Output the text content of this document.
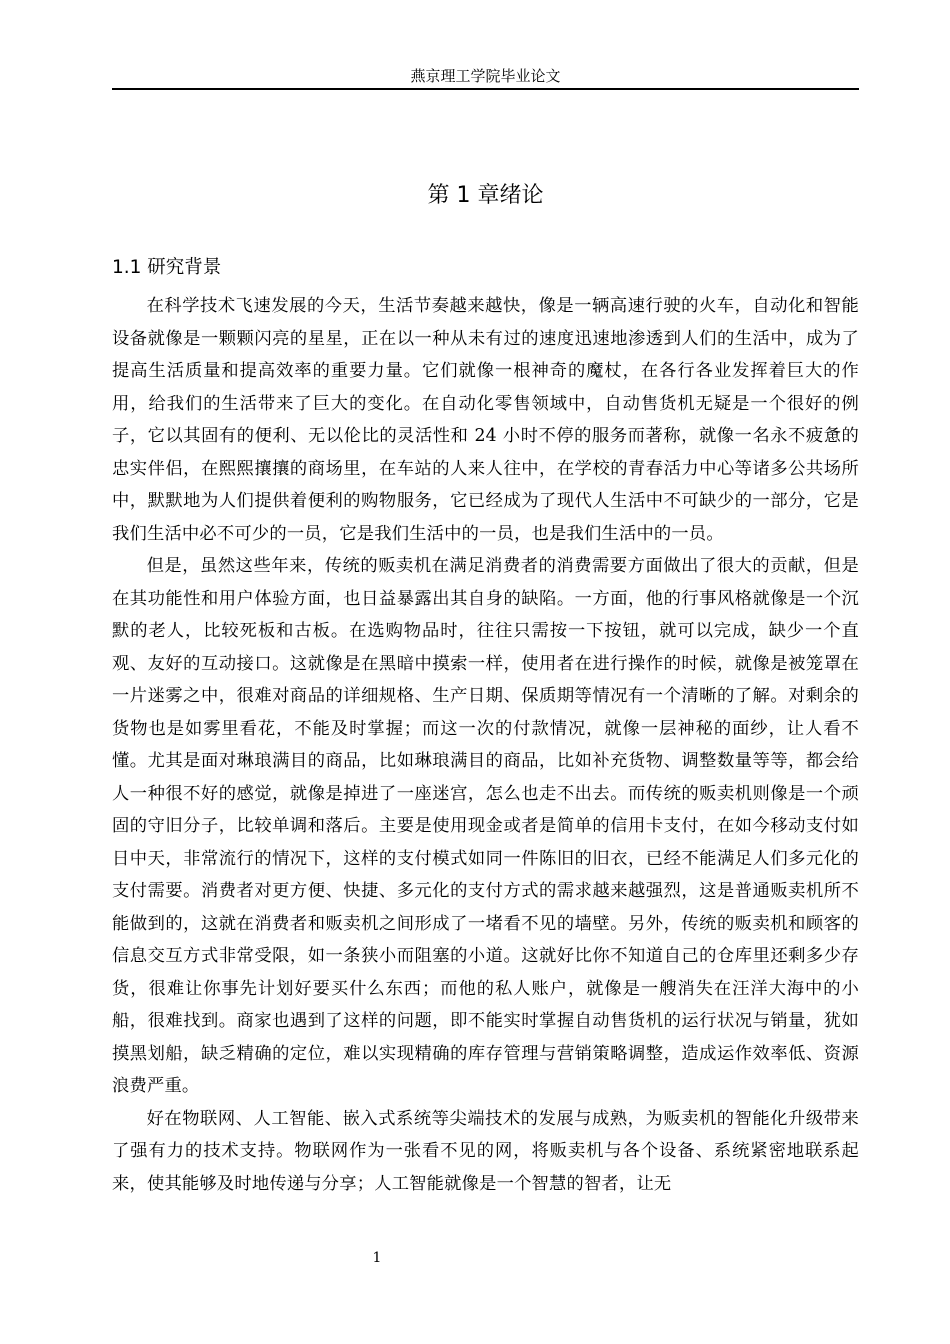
燕京理工学院毕业论文
第 1 章绪论
1.1 研究背景

在科学技术飞速发展的今天，生活节奏越来越快，像是一辆高速行驶的火车，自动化和智能设备就像是一颗颗闪亮的星星，正在以一种从未有过的速度迅速地渗透到人们的生活中，成为了提高生活质量和提高效率的重要力量。它们就像一根神奇的魔杖，在各行各业发挥着巨大的作用，给我们的生活带来了巨大的变化。在自动化零售领域中，自动售货机无疑是一个很好的例子，它以其固有的便利、无以伦比的灵活性和 24 小时不停的服务而著称，就像一名永不疲惫的忠实伴侣，在熙熙攘攘的商场里，在车站的人来人往中，在学校的青春活力中心等诸多公共场所中，默默地为人们提供着便利的购物服务，它已经成为了现代人生活中不可缺少的一部分，它是我们生活中必不可少的一员，它是我们生活中的一员，也是我们生活中的一员。

但是，虽然这些年来，传统的贩卖机在满足消费者的消费需要方面做出了很大的贡献，但是在其功能性和用户体验方面，也日益暴露出其自身的缺陷。一方面，他的行事风格就像是一个沉默的老人，比较死板和古板。在选购物品时，往往只需按一下按钮，就可以完成，缺少一个直观、友好的互动接口。这就像是在黑暗中摸索一样，使用者在进行操作的时候，就像是被笼罩在一片迷雾之中，很难对商品的详细规格、生产日期、保质期等情况有一个清晰的了解。对剩余的货物也是如雾里看花，不能及时掌握；而这一次的付款情况，就像一层神秘的面纱，让人看不懂。尤其是面对琳琅满目的商品，比如琳琅满目的商品，比如补充货物、调整数量等等，都会给人一种很不好的感觉，就像是掉进了一座迷宫，怎么也走不出去。而传统的贩卖机则像是一个顽固的守旧分子，比较单调和落后。主要是使用现金或者是简单的信用卡支付，在如今移动支付如日中天，非常流行的情况下，这样的支付模式如同一件陈旧的旧衣，已经不能满足人们多元化的支付需要。消费者对更方便、快捷、多元化的支付方式的需求越来越强烈，这是普通贩卖机所不能做到的，这就在消费者和贩卖机之间形成了一堵看不见的墙壁。另外，传统的贩卖机和顾客的信息交互方式非常受限，如一条狭小而阻塞的小道。这就好比你不知道自己的仓库里还剩多少存货，很难让你事先计划好要买什么东西；而他的私人账户，就像是一艘消失在汪洋大海中的小船，很难找到。商家也遇到了这样的问题，即不能实时掌握自动售货机的运行状况与销量，犹如摸黑划船，缺乏精确的定位，难以实现精确的库存管理与营销策略调整，造成运作效率低、资源浪费严重。

好在物联网、人工智能、嵌入式系统等尖端技术的发展与成熟，为贩卖机的智能化升级带来了强有力的技术支持。物联网作为一张看不见的网，将贩卖机与各个设备、系统紧密地联系起来，使其能够及时地传递与分享；人工智能就像是一个智慧的智者，让无

1
